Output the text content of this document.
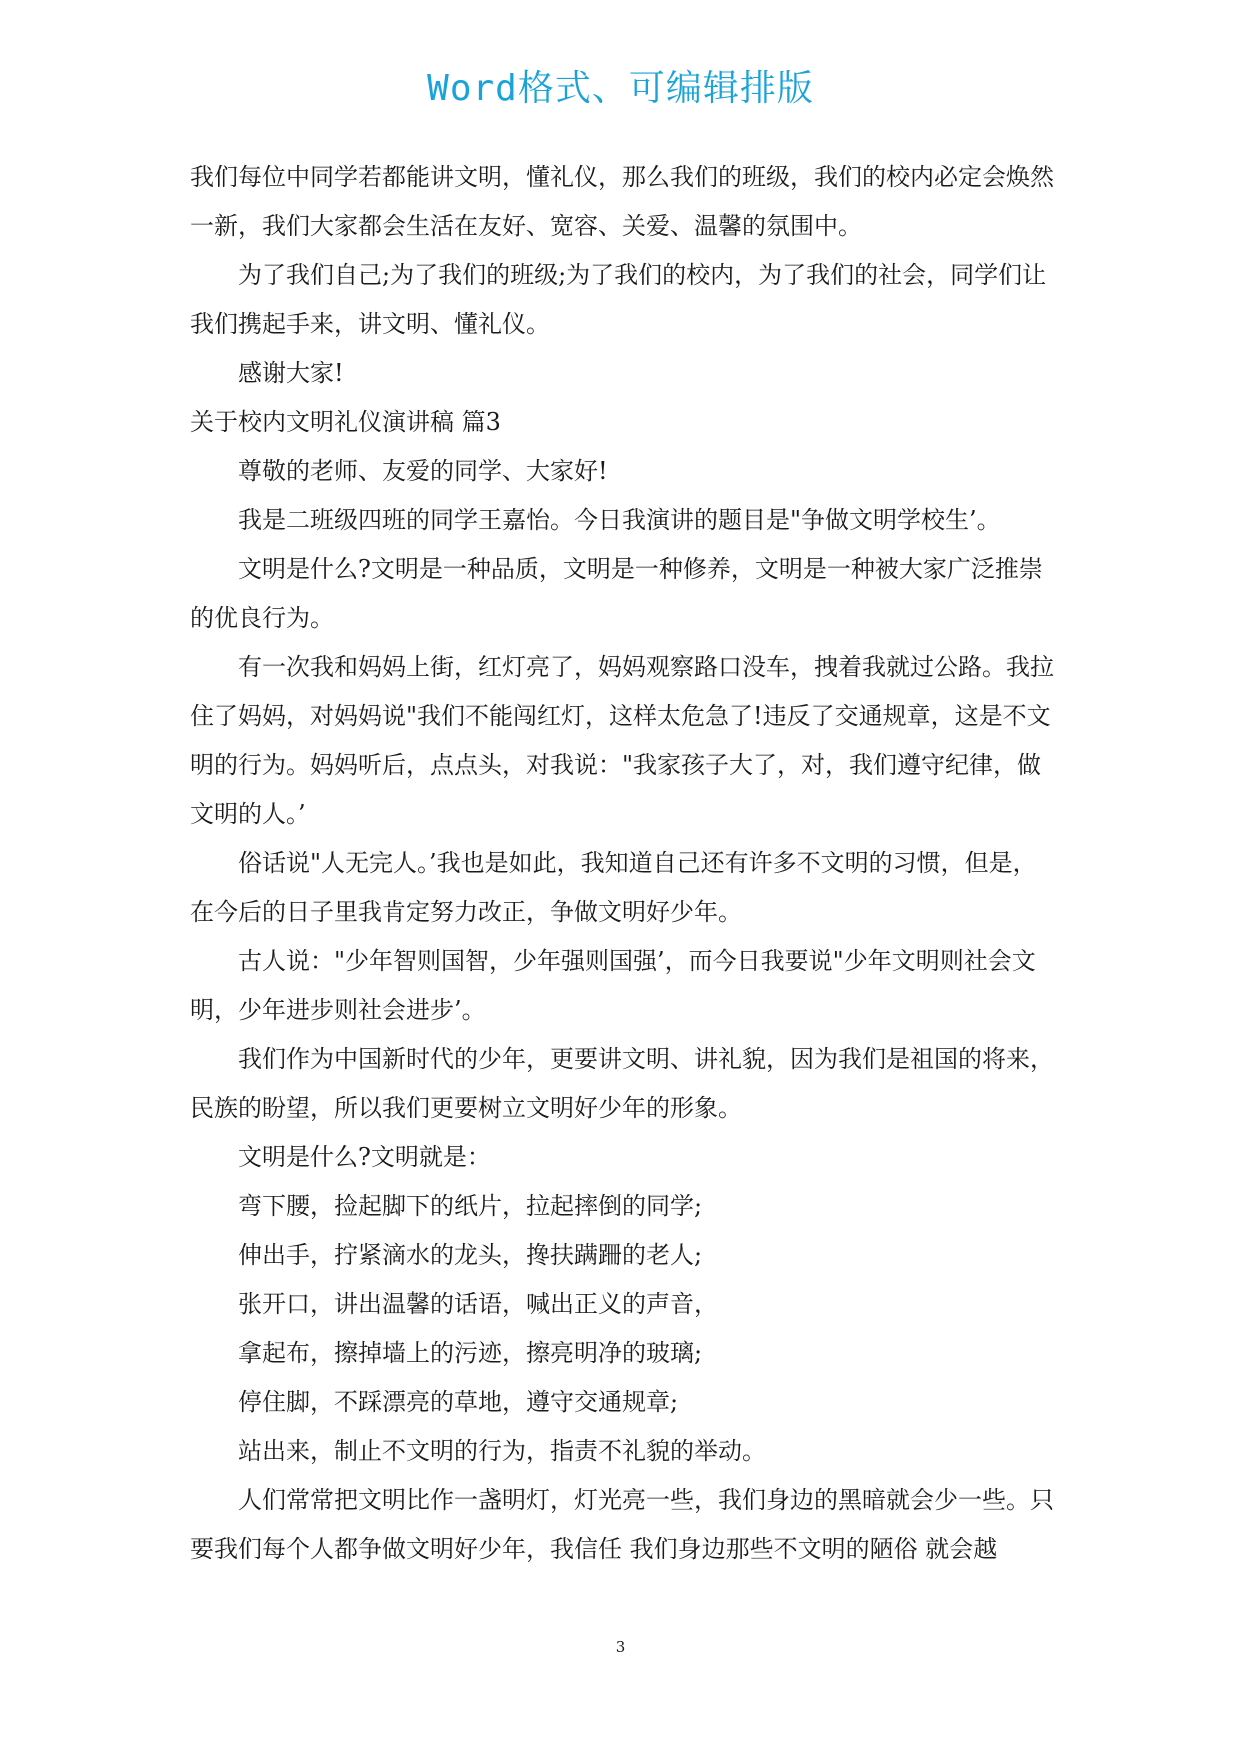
Word格式、可编辑排版

我们每位中同学若都能讲文明，懂礼仪，那么我们的班级，我们的校内必定会焕然一新，我们大家都会生活在友好、宽容、关爱、温馨的氛围中。

为了我们自己;为了我们的班级;为了我们的校内，为了我们的社会，同学们让我们携起手来，讲文明、懂礼仪。

感谢大家!

关于校内文明礼仪演讲稿 篇3

尊敬的老师、友爱的同学、大家好!

我是二班级四班的同学王嘉怡。今日我演讲的题目是"争做文明学校生’。

文明是什么?文明是一种品质，文明是一种修养，文明是一种被大家广泛推崇的优良行为。

有一次我和妈妈上街，红灯亮了，妈妈观察路口没车，拽着我就过公路。我拉住了妈妈，对妈妈说"我们不能闯红灯，这样太危急了!违反了交通规章，这是不文明的行为。妈妈听后，点点头，对我说："我家孩子大了，对，我们遵守纪律，做文明的人。’

俗话说"人无完人。’我也是如此，我知道自己还有许多不文明的习惯，但是，在今后的日子里我肯定努力改正，争做文明好少年。

古人说："少年智则国智，少年强则国强’，而今日我要说"少年文明则社会文明，少年进步则社会进步’。

我们作为中国新时代的少年，更要讲文明、讲礼貌，因为我们是祖国的将来，民族的盼望，所以我们更要树立文明好少年的形象。

文明是什么?文明就是：

弯下腰，捡起脚下的纸片，拉起摔倒的同学;

伸出手，拧紧滴水的龙头，搀扶蹒跚的老人;

张开口，讲出温馨的话语，喊出正义的声音，

拿起布，擦掉墙上的污迹，擦亮明净的玻璃;

停住脚，不踩漂亮的草地，遵守交通规章;

站出来，制止不文明的行为，指责不礼貌的举动。

人们常常把文明比作一盏明灯，灯光亮一些，我们身边的黑暗就会少一些。只要我们每个人都争做文明好少年，我信任 我们身边那些不文明的陋俗 就会越

3
